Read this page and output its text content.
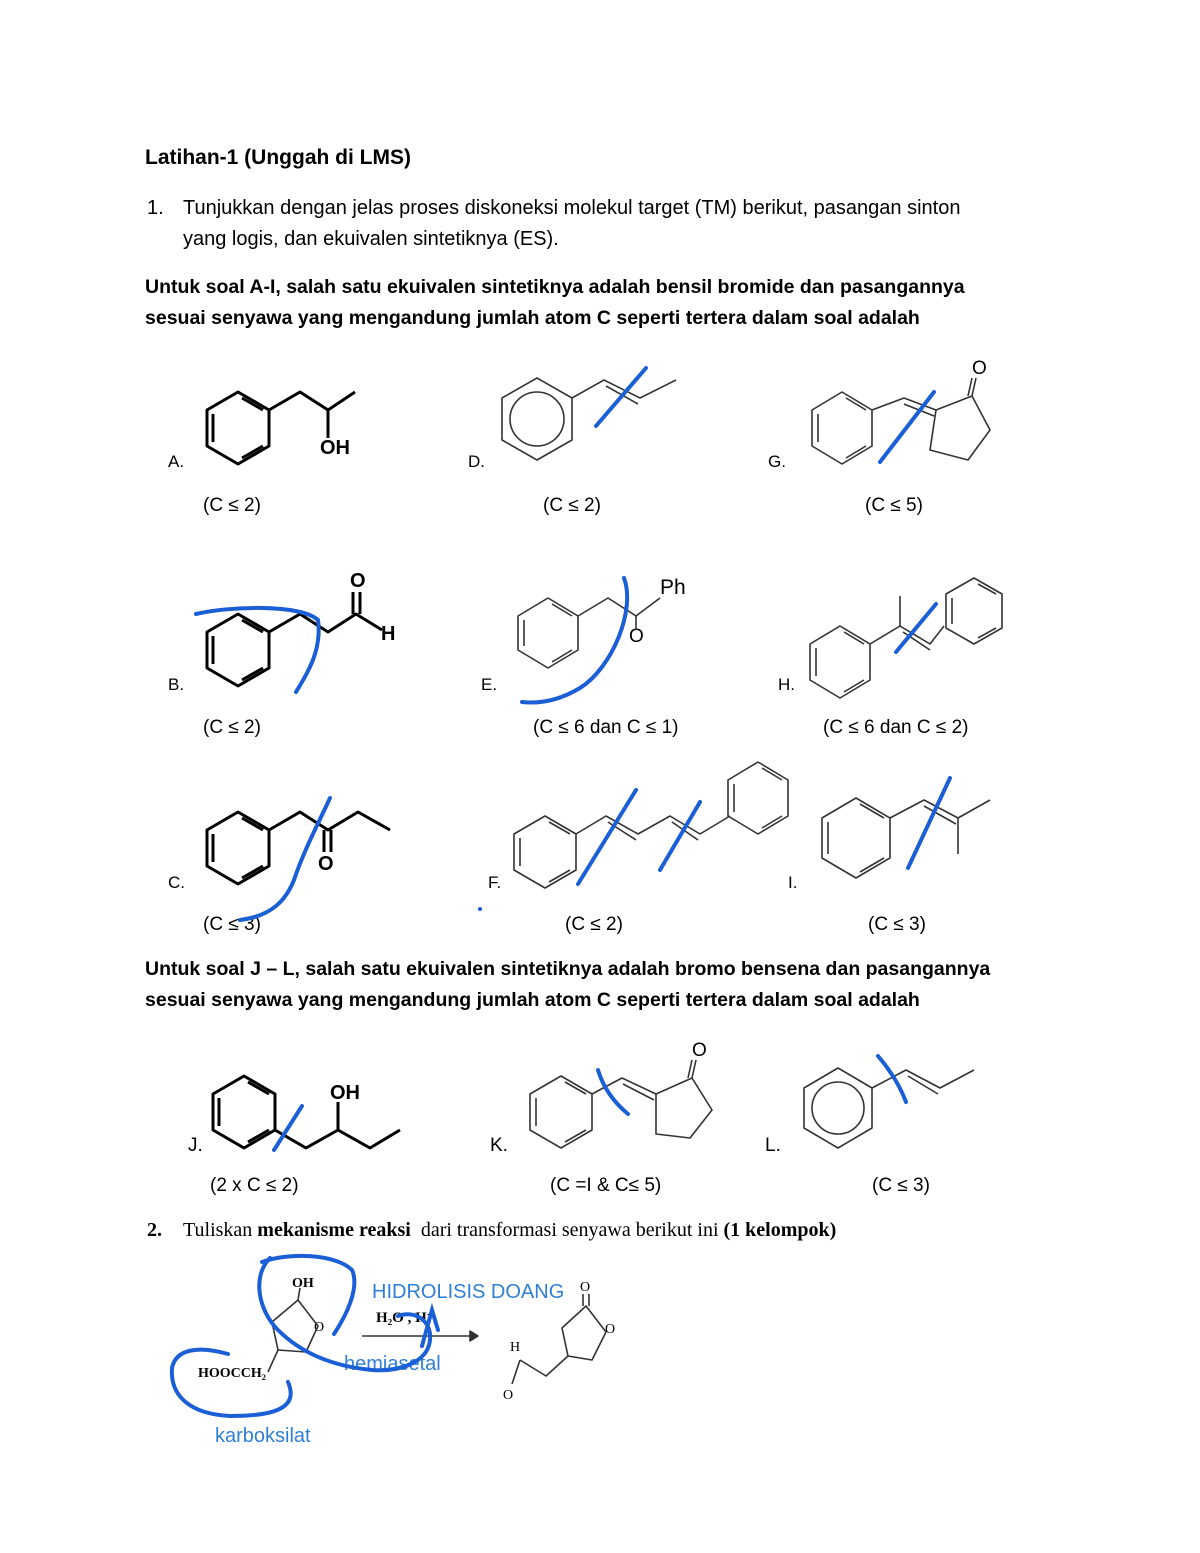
Latihan-1 (Unggah di LMS)
1. Tunjukkan dengan jelas proses diskoneksi molekul target (TM) berikut, pasangan sinton
yang logis, dan ekuivalen sintetiknya (ES).
Untuk soal A-I, salah satu ekuivalen sintetiknya adalah bensil bromide dan pasangannya
sesuai senyawa yang mengandung jumlah atom C seperti tertera dalam soal adalah
A.
(C ≤ 2)
D.
(C ≤ 2)
G.
(C ≤ 5)
B.
(C ≤ 2)
E.
(C ≤ 6 dan C ≤ 1)
H.
(C ≤ 6 dan C ≤ 2)
C.
(C ≤ 3)
F.
(C ≤ 2)
I.
(C ≤ 3)
Untuk soal J – L, salah satu ekuivalen sintetiknya adalah bromo bensena dan pasangannya
sesuai senyawa yang mengandung jumlah atom C seperti tertera dalam soal adalah
J.
(2 x C ≤ 2)
K.
(C =I & C≤ 5)
L.
(C ≤ 3)
2. Tuliskan mekanisme reaksi  dari transformasi senyawa berikut ini (1 kelompok)
OH
O
O
H
Ph
O
O
OH
O
OH
O
HOOCCH₂
H₂O , H⁺
O
O
H
O
HIDROLISIS DOANG
hemiasetal
karboksilat
